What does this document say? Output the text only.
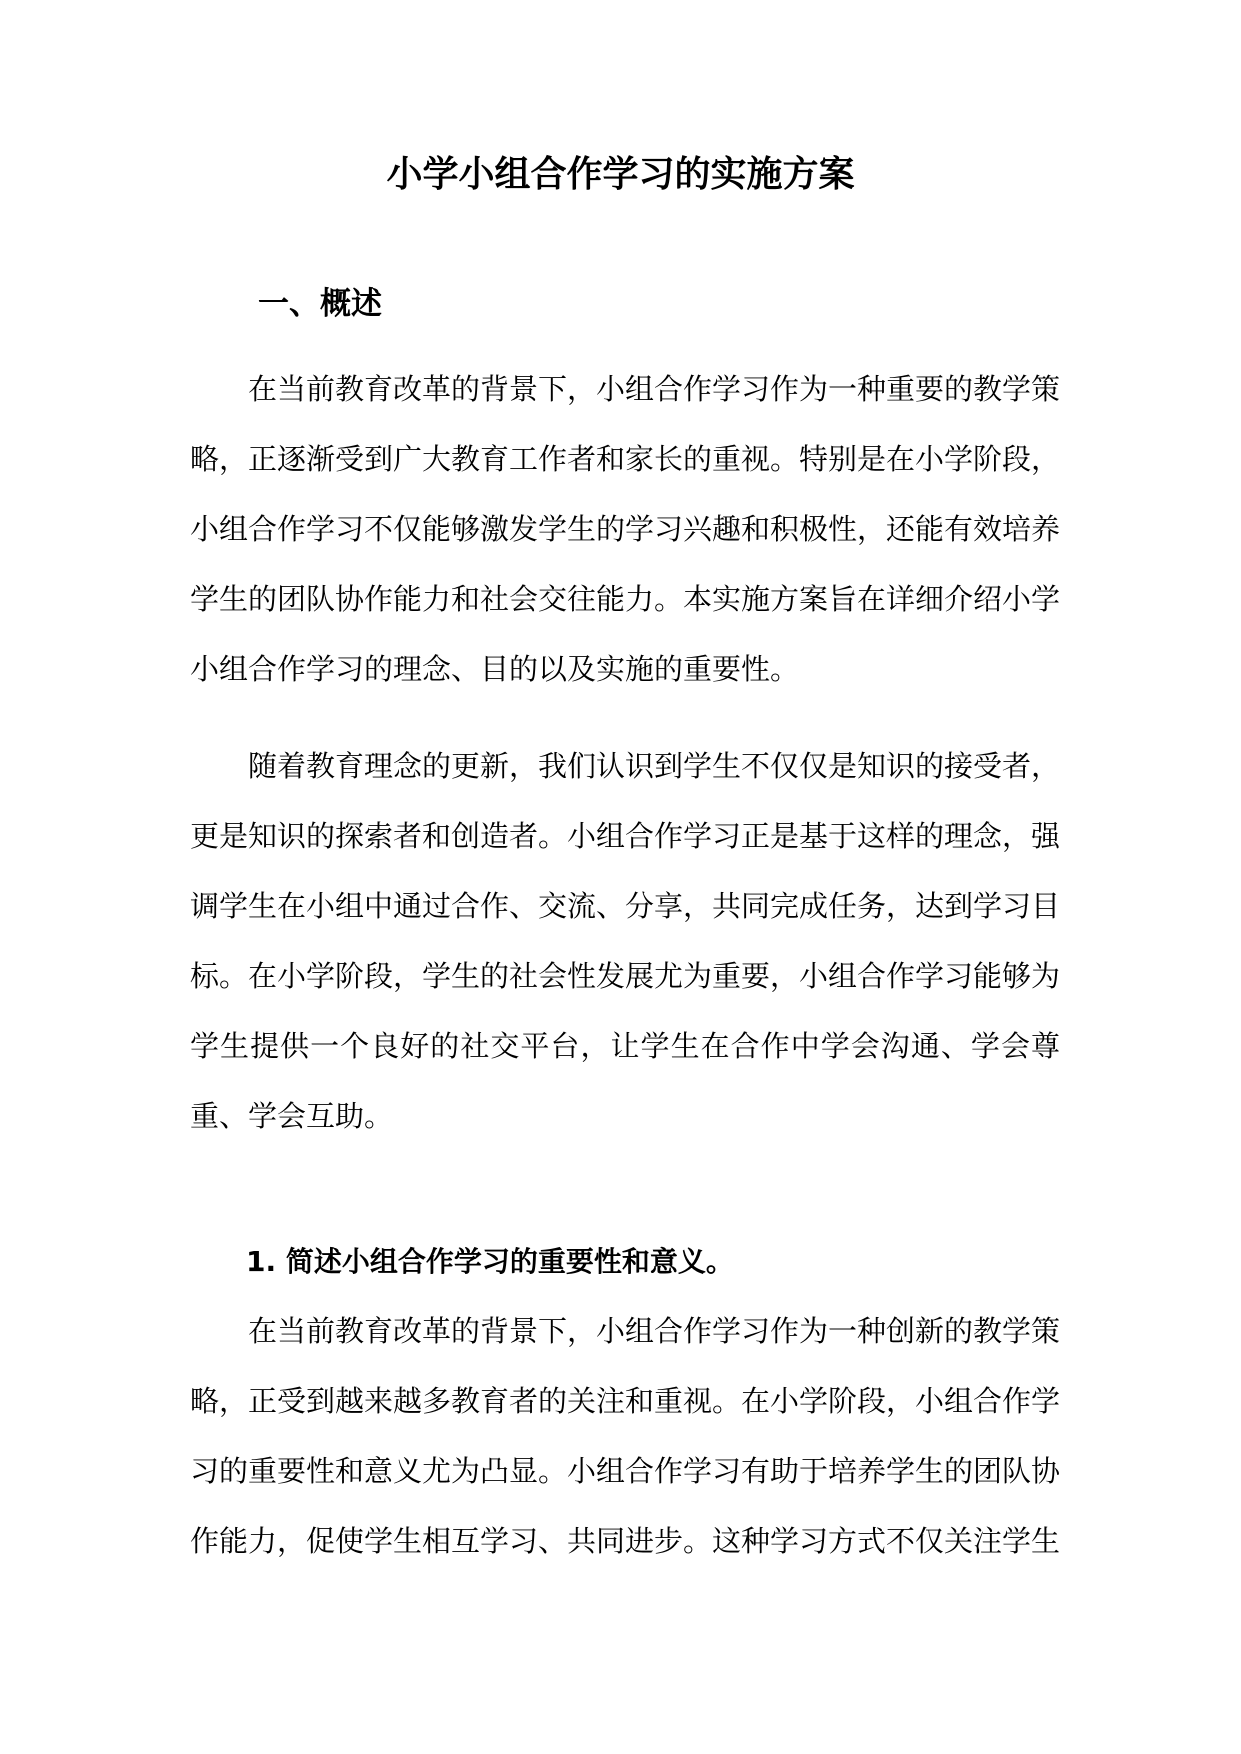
小学小组合作学习的实施方案
一、概述

在当前教育改革的背景下，小组合作学习作为一种重要的教学策略，正逐渐受到广大教育工作者和家长的重视。特别是在小学阶段，小组合作学习不仅能够激发学生的学习兴趣和积极性，还能有效培养学生的团队协作能力和社会交往能力。本实施方案旨在详细介绍小学小组合作学习的理念、目的以及实施的重要性。

随着教育理念的更新，我们认识到学生不仅仅是知识的接受者，更是知识的探索者和创造者。小组合作学习正是基于这样的理念，强调学生在小组中通过合作、交流、分享，共同完成任务，达到学习目标。在小学阶段，学生的社会性发展尤为重要，小组合作学习能够为学生提供一个良好的社交平台，让学生在合作中学会沟通、学会尊重、学会互助。

1. 简述小组合作学习的重要性和意义。

在当前教育改革的背景下，小组合作学习作为一种创新的教学策略，正受到越来越多教育者的关注和重视。在小学阶段，小组合作学习的重要性和意义尤为凸显。小组合作学习有助于培养学生的团队协作能力，促使学生相互学习、共同进步。这种学习方式不仅关注学生
